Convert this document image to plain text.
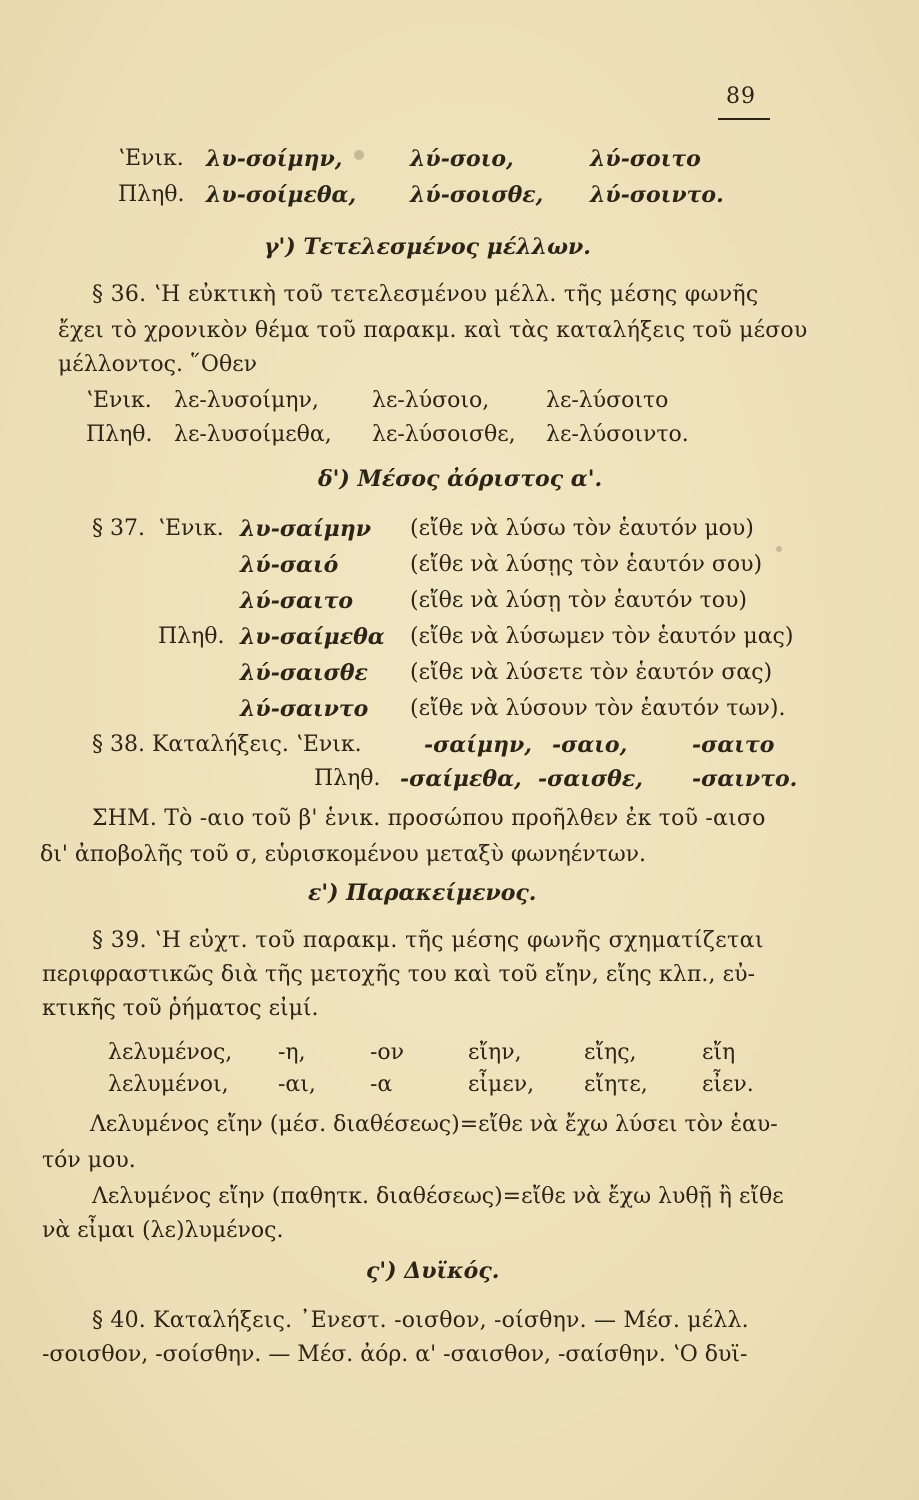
89
ʽΕνικ. λυ-σοίμην,	λύ-σοιο,	λύ-σοιτο
Πληθ. λυ-σοίμεθα, λύ-σοισθε, λύ-σοιντο.
γ') Τετελεσμένος μέλλων.
§ 36. ʽΗ εὐκτικὴ τοῦ τετελεσμένου μέλλ. τῆς μέσης φωνῆς
ἔχει τὸ χρονικὸν θέμα τοῦ παρακμ. καὶ τὰς καταλήξεις τοῦ μέσου
μέλλοντος. ῞Οθεν
ʽΕνικ. λε-λυσοίμην, λε-λύσοιο,	λε-λύσοιτο
Πληθ. λε-λυσοίμεθα, λε-λύσοισθε, λε-λύσοιντο.
δ') Μέσος ἀόριστος α'.
§ 37. ʽΕνικ. λυ-σαίμην (εἴθε νὰ λύσω τὸν ἑαυτόν μου)
λύ-σαιό	(εἴθε νὰ λύσῃς τὸν ἑαυτόν σου)
λύ-σαιτο	(εἴθε νὰ λύσῃ τὸν ἑαυτόν του)
Πληθ. λυ-σαίμεθα (εἴθε νὰ λύσωμεν τὸν ἑαυτόν μας)
λύ-σαισθε (εἴθε νὰ λύσετε τὸν ἑαυτόν σας)
λύ-σαιντο (εἴθε νὰ λύσουν τὸν ἑαυτόν των).
§ 38. Καταλήξεις. ʽΕνικ.	-σαίμην, -σαιο,	-σαιτο
Πληθ. -σαίμεθα, -σαισθε, -σαιντο.
ΣΗΜ. Τὸ -αιο τοῦ β' ἑνικ. προσώπου προῆλθεν ἐκ τοῦ -αισο
δι' ἀποβολῆς τοῦ σ, εὑρισκομένου μεταξὺ φωνηέντων.
ε') Παρακείμενος.
§ 39. ʽΗ εὐχτ. τοῦ παρακμ. τῆς μέσης φωνῆς σχηματίζεται
περιφραστικῶς διὰ τῆς μετοχῆς του καὶ τοῦ εἴην, εἴης κλπ., εὐ-
κτικῆς τοῦ ῥήματος εἰμί.
λελυμένος, -η,	-ον	εἴην,	εἴης,	εἴη
λελυμένοι, -αι, -α	εἶμεν, εἴητε, εἶεν.
Λελυμένος εἴην (μέσ. διαθέσεως)=εἴθε νὰ ἔχω λύσει τὸν ἑαυ-
τόν μου.
Λελυμένος εἴην (παθητκ. διαθέσεως)=εἴθε νὰ ἔχω λυθῇ ἢ εἴθε
νὰ εἶμαι (λε)λυμένος.
ς') Δυϊκός.
§ 40. Καταλήξεις. ᾿Ενεστ. -οισθον, -οίσθην. — Μέσ. μέλλ.
-σοισθον, -σοίσθην. — Μέσ. ἀόρ. α' -σαισθον, -σαίσθην. ʽΟ δυϊ-
